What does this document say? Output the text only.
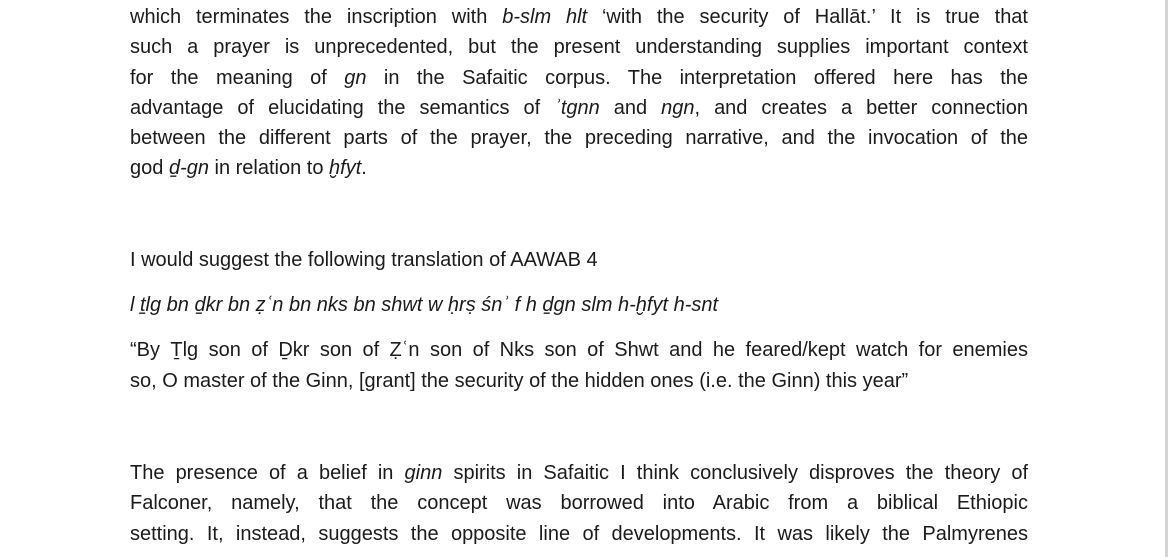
which terminates the inscription with b-slm hlt ‘with the security of Hallāt.’ It is true that
such a prayer is unprecedented, but the present understanding supplies important context
for the meaning of gn in the Safaitic corpus. The interpretation offered here has the
advantage of elucidating the semantics of ʾtgnn and ngn, and creates a better connection
between the different parts of the prayer, the preceding narrative, and the invocation of the
god ḏ-gn in relation to ḫfyt.

I would suggest the following translation of AAWAB 4

l ṯlg bn ḏkr bn ẓʿn bn nks bn shwt w ḥrṣ śnʾ f h ḏgn slm h-ḫfyt h-snt

“By Ṯlg son of Ḏkr son of Ẓʿn son of Nks son of Shwt and he feared/kept watch for enemies
so, O master of the Ginn, [grant] the security of the hidden ones (i.e. the Ginn) this year”

The presence of a belief in ginn spirits in Safaitic I think conclusively disproves the theory of
Falconer, namely, that the concept was borrowed into Arabic from a biblical Ethiopic
setting. It, instead, suggests the opposite line of developments. It was likely the Palmyrenes
